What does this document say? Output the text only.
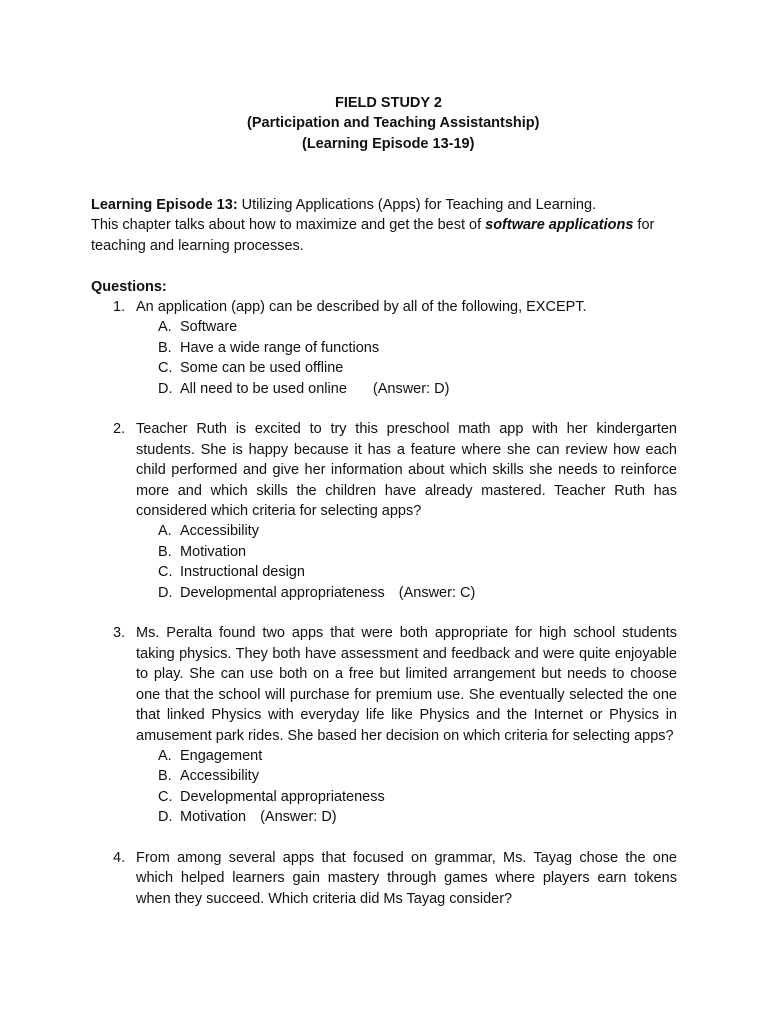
FIELD STUDY 2
(Participation and Teaching Assistantship)
(Learning Episode 13-19)

Learning Episode 13: Utilizing Applications (Apps) for Teaching and Learning.

This chapter talks about how to maximize and get the best of software applications for teaching and learning processes.

Questions:
1. An application (app) can be described by all of the following, EXCEPT.

A. Software
B. Have a wide range of functions
C. Some can be used offline
D. All need to be used online (Answer: D)
2. Teacher Ruth is excited to try this preschool math app with her kindergarten students. She is happy because it has a feature where she can review how each child performed and give her information about which skills she needs to reinforce more and which skills the children have already mastered. Teacher Ruth has considered which criteria for selecting apps?

A. Accessibility
B. Motivation
C. Instructional design
D. Developmental appropriateness (Answer: C)
3. Ms. Peralta found two apps that were both appropriate for high school students taking physics. They both have assessment and feedback and were quite enjoyable to play. She can use both on a free but limited arrangement but needs to choose one that the school will purchase for premium use. She eventually selected the one that linked Physics with everyday life like Physics and the Internet or Physics in amusement park rides. She based her decision on which criteria for selecting apps?

A. Engagement
B. Accessibility
C. Developmental appropriateness
D. Motivation (Answer: D)
4. From among several apps that focused on grammar, Ms. Tayag chose the one which helped learners gain mastery through games where players earn tokens when they succeed. Which criteria did Ms Tayag consider?
